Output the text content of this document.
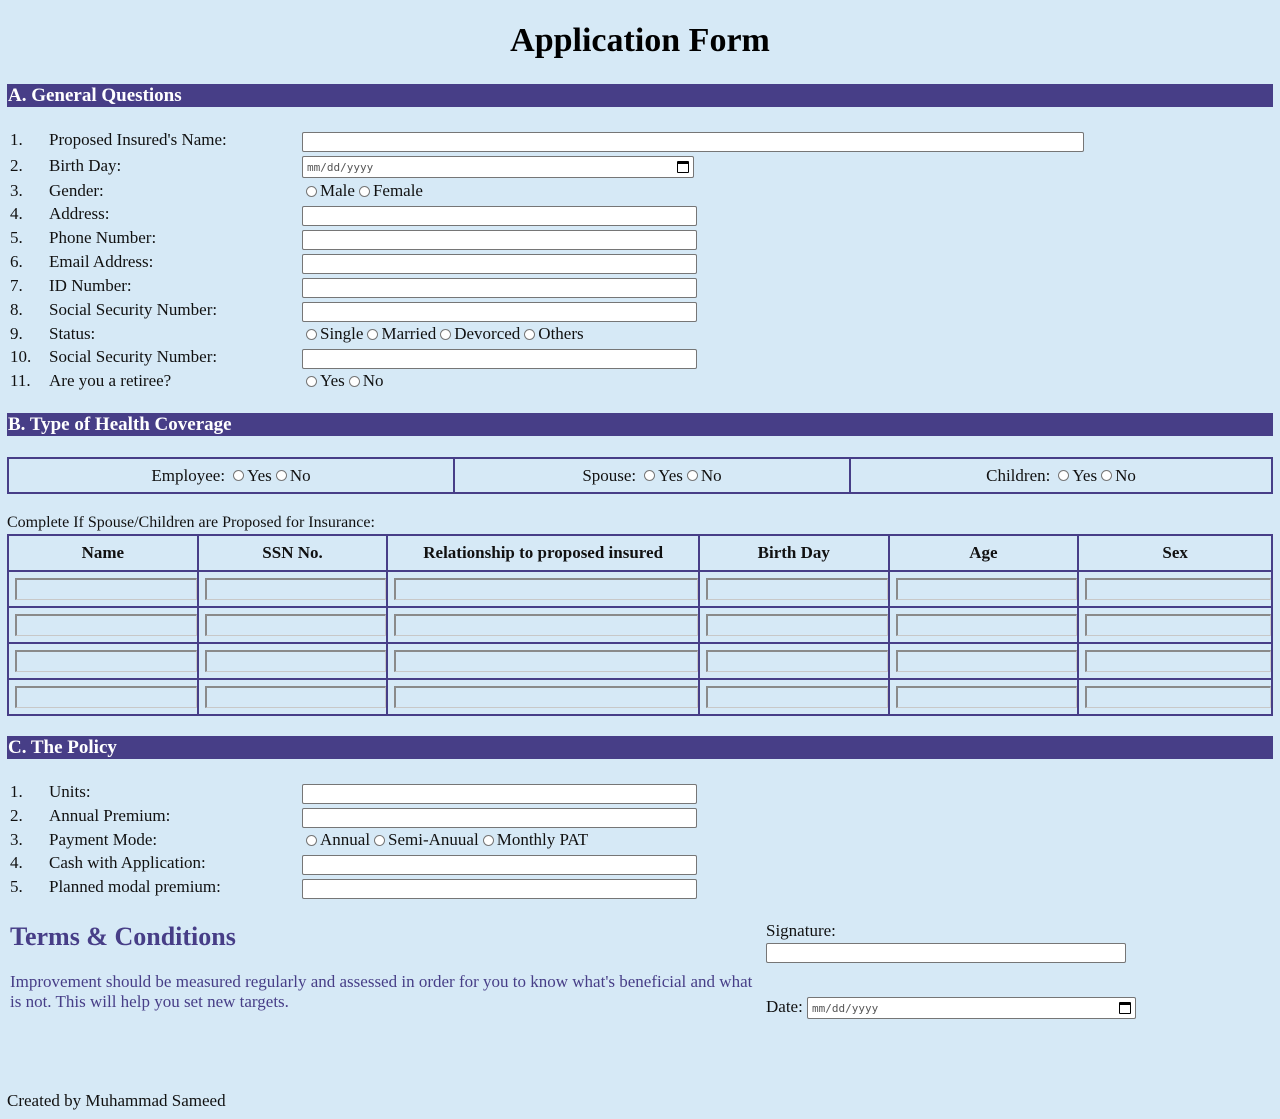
Application Form
A. General Questions
1.	Proposed Insured's Name:
2.	Birth Day:	mm/dd/yyyy
3.	Gender:	Male Female
4.	Address:
5.	Phone Number:
6.	Email Address:
7.	ID Number:
8.	Social Security Number:
9.	Status:	Single Married Devorced Others
10.	Social Security Number:
11.	Are you a retiree?	Yes No
B. Type of Health Coverage
Employee: Yes No	Spouse: Yes No	Children: Yes No
Complete If Spouse/Children are Proposed for Insurance:
Name	SSN No.	Relationship to proposed insured	Birth Day	Age	Sex

C. The Policy
1.	Units:
2.	Annual Premium:
3.	Payment Mode:	Annual Semi-Anuual Monthly PAT
4.	Cash with Application:
5.	Planned modal premium:
Terms & Conditions
Improvement should be measured regularly and assessed in order for you to know what's beneficial and what is not. This will help you set new targets.
Signature:
Date: mm/dd/yyyy
Created by Muhammad Sameed
